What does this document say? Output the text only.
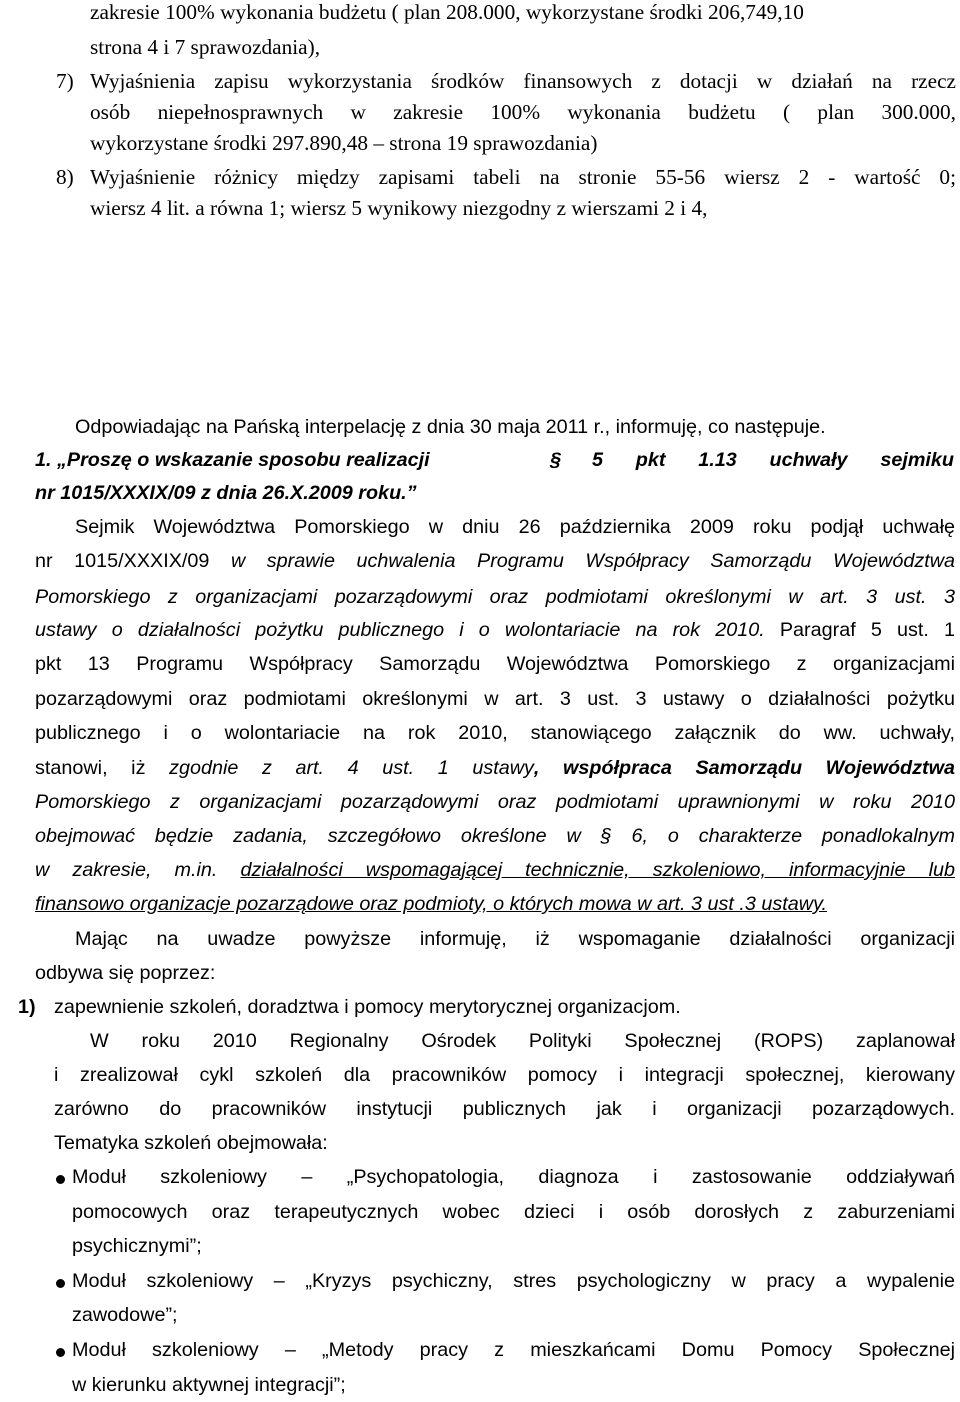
zakresie 100% wykonania budżetu ( plan 208.000, wykorzystane środki 206,749,10
strona 4 i 7 sprawozdania),
7) Wyjaśnienia zapisu wykorzystania środków finansowych z dotacji w działań na rzecz
osób niepełnosprawnych w zakresie 100% wykonania budżetu ( plan 300.000,
wykorzystane środki 297.890,48 – strona 19 sprawozdania)
8) Wyjaśnienie różnicy między zapisami tabeli na stronie 55-56 wiersz 2 - wartość 0;
wiersz 4 lit. a równa 1; wiersz 5 wynikowy niezgodny z wierszami 2 i 4,
Odpowiadając na Pańską interpelację z dnia 30 maja 2011 r., informuję, co następuje.
1. „Proszę o wskazanie sposobu realizacji	§ 5 pkt 1.13 uchwały sejmiku
nr 1015/XXXIX/09 z dnia 26.X.2009 roku.”
Sejmik Województwa Pomorskiego w dniu 26 października 2009 roku podjął uchwałę
nr 1015/XXXIX/09 w sprawie uchwalenia Programu Współpracy Samorządu Województwa
Pomorskiego z organizacjami pozarządowymi oraz podmiotami określonymi w art. 3 ust. 3
ustawy o działalności pożytku publicznego i o wolontariacie na rok 2010. Paragraf 5 ust. 1
pkt 13 Programu Współpracy Samorządu Województwa Pomorskiego z organizacjami
pozarządowymi oraz podmiotami określonymi w art. 3 ust. 3 ustawy o działalności pożytku
publicznego i o wolontariacie na rok 2010, stanowiącego załącznik do ww. uchwały,
stanowi, iż zgodnie z art. 4 ust. 1 ustawy, współpraca Samorządu Województwa
Pomorskiego z organizacjami pozarządowymi oraz podmiotami uprawnionymi w roku 2010
obejmować będzie zadania, szczegółowo określone w § 6, o charakterze ponadlokalnym
w zakresie, m.in. działalności wspomagającej technicznie, szkoleniowo, informacyjnie lub
finansowo organizacje pozarządowe oraz podmioty, o których mowa w art. 3 ust .3 ustawy.
Mając na uwadze powyższe informuję, iż wspomaganie działalności organizacji
odbywa się poprzez:
1) zapewnienie szkoleń, doradztwa i pomocy merytorycznej organizacjom.
W roku 2010 Regionalny Ośrodek Polityki Społecznej (ROPS) zaplanował
i zrealizował cykl szkoleń dla pracowników pomocy i integracji społecznej, kierowany
zarówno do pracowników instytucji publicznych jak i organizacji pozarządowych.
Tematyka szkoleń obejmowała:
Moduł szkoleniowy – „Psychopatologia, diagnoza i zastosowanie oddziaływań
pomocowych oraz terapeutycznych wobec dzieci i osób dorosłych z zaburzeniami
psychicznymi”;
Moduł szkoleniowy – „Kryzys psychiczny, stres psychologiczny w pracy a wypalenie
zawodowe”;
Moduł szkoleniowy – „Metody pracy z mieszkańcami Domu Pomocy Społecznej
w kierunku aktywnej integracji”;
